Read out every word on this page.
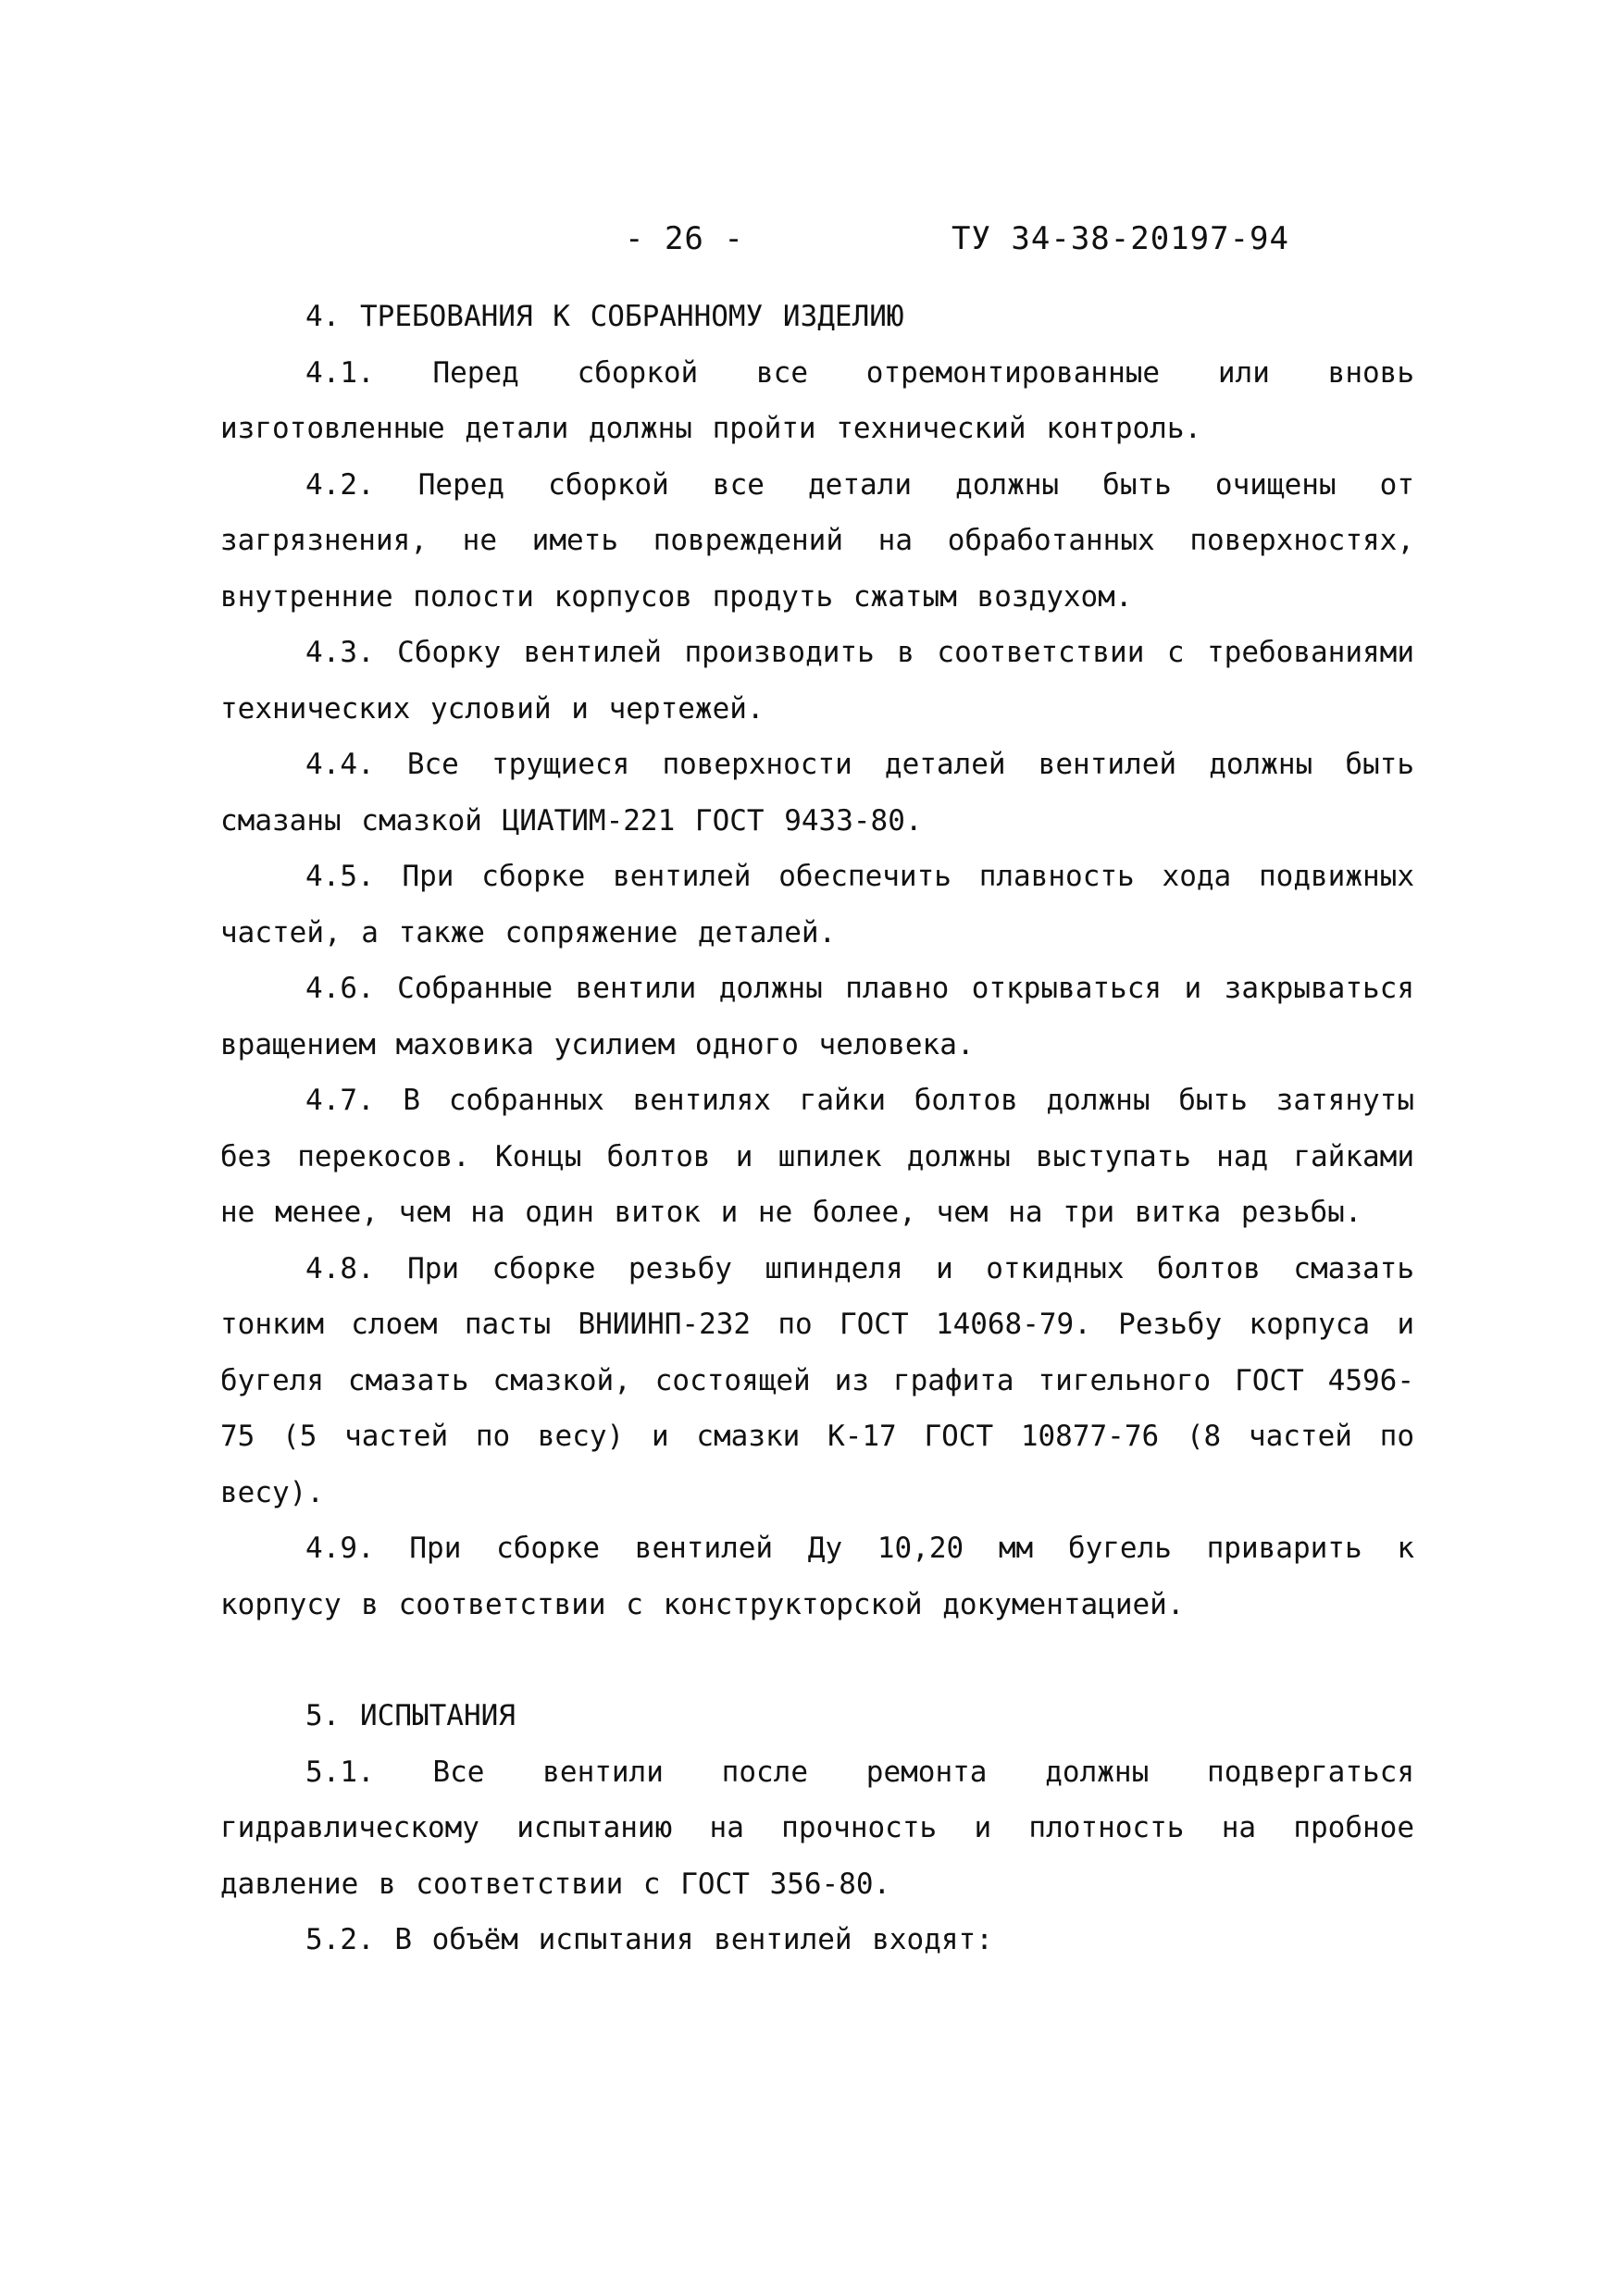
- 26 -	ТУ 34-38-20197-94

4. ТРЕБОВАНИЯ К СОБРАННОМУ ИЗДЕЛИЮ

4.1. Перед сборкой все отремонтированные или вновь изготовленные детали должны пройти технический контроль.

4.2. Перед сборкой все детали должны быть очищены от загрязнения, не иметь повреждений на обработанных поверхностях, внутренние полости корпусов продуть сжатым воздухом.

4.3. Сборку вентилей производить в соответствии с требованиями технических условий и чертежей.

4.4. Все трущиеся поверхности деталей вентилей должны быть смазаны смазкой ЦИАТИМ-221 ГОСТ 9433-80.

4.5. При сборке вентилей обеспечить плавность хода подвижных частей, а также сопряжение деталей.

4.6. Собранные вентили должны плавно открываться и закрываться вращением маховика усилием одного человека.

4.7. В собранных вентилях гайки болтов должны быть затянуты без перекосов. Концы болтов и шпилек должны выступать над гайками не менее, чем на один виток и не более, чем на три витка резьбы.

4.8. При сборке резьбу шпинделя и откидных болтов смазать тонким слоем пасты ВНИИНП-232 по ГОСТ 14068-79. Резьбу корпуса и бугеля смазать смазкой, состоящей из графита тигельного ГОСТ 4596-75 (5 частей по весу) и смазки К-17 ГОСТ 10877-76 (8 частей по весу).

4.9. При сборке вентилей Ду 10,20 мм бугель приварить к корпусу в соответствии с конструкторской документацией.

5. ИСПЫТАНИЯ

5.1. Все вентили после ремонта должны подвергаться гидравлическому испытанию на прочность и плотность на пробное давление в соответствии с ГОСТ 356-80.

5.2. В объём испытания вентилей входят:
